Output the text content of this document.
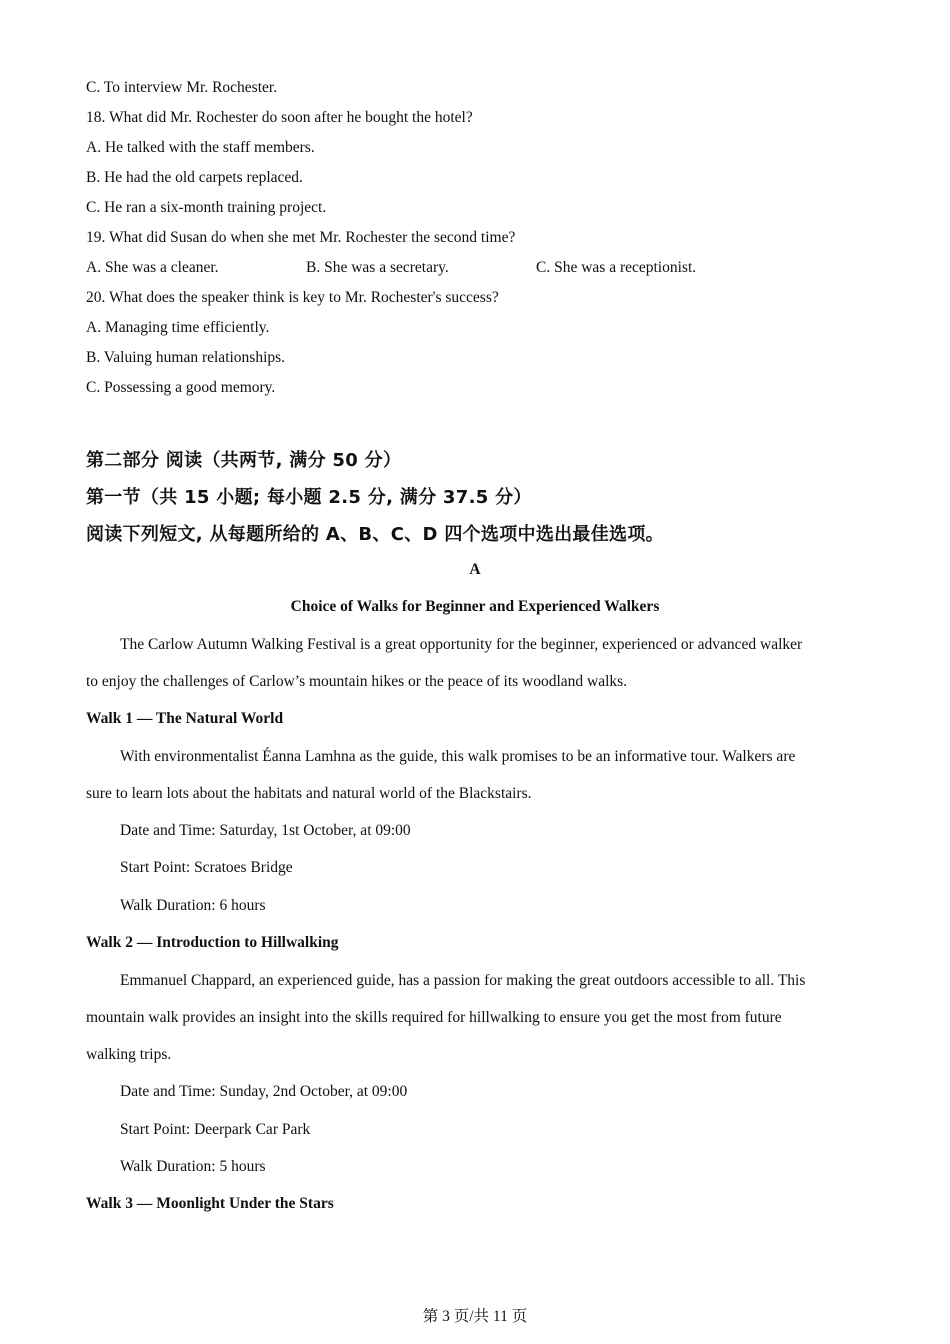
C. To interview Mr. Rochester.
18. What did Mr. Rochester do soon after he bought the hotel?
A. He talked with the staff members.
B. He had the old carpets replaced.
C. He ran a six-month training project.
19. What did Susan do when she met Mr. Rochester the second time?
A. She was a cleaner.	B. She was a secretary.	C. She was a receptionist.
20. What does the speaker think is key to Mr. Rochester's success?
A. Managing time efficiently.
B. Valuing human relationships.
C. Possessing a good memory.
第二部分 阅读（共两节, 满分 50 分）
第一节（共 15 小题; 每小题 2.5 分, 满分 37.5 分）
阅读下列短文, 从每题所给的 A、B、C、D 四个选项中选出最佳选项。
A
Choice of Walks for Beginner and Experienced Walkers
The Carlow Autumn Walking Festival is a great opportunity for the beginner, experienced or advanced walker
to enjoy the challenges of Carlow’s mountain hikes or the peace of its woodland walks.
Walk 1 — The Natural World
With environmentalist Éanna Lamhna as the guide, this walk promises to be an informative tour. Walkers are
sure to learn lots about the habitats and natural world of the Blackstairs.
Date and Time: Saturday, 1st October, at 09:00
Start Point: Scratoes Bridge
Walk Duration: 6 hours
Walk 2 — Introduction to Hillwalking
Emmanuel Chappard, an experienced guide, has a passion for making the great outdoors accessible to all. This
mountain walk provides an insight into the skills required for hillwalking to ensure you get the most from future
walking trips.
Date and Time: Sunday, 2nd October, at 09:00
Start Point: Deerpark Car Park
Walk Duration: 5 hours
Walk 3 — Moonlight Under the Stars
第 3 页/共 11 页
